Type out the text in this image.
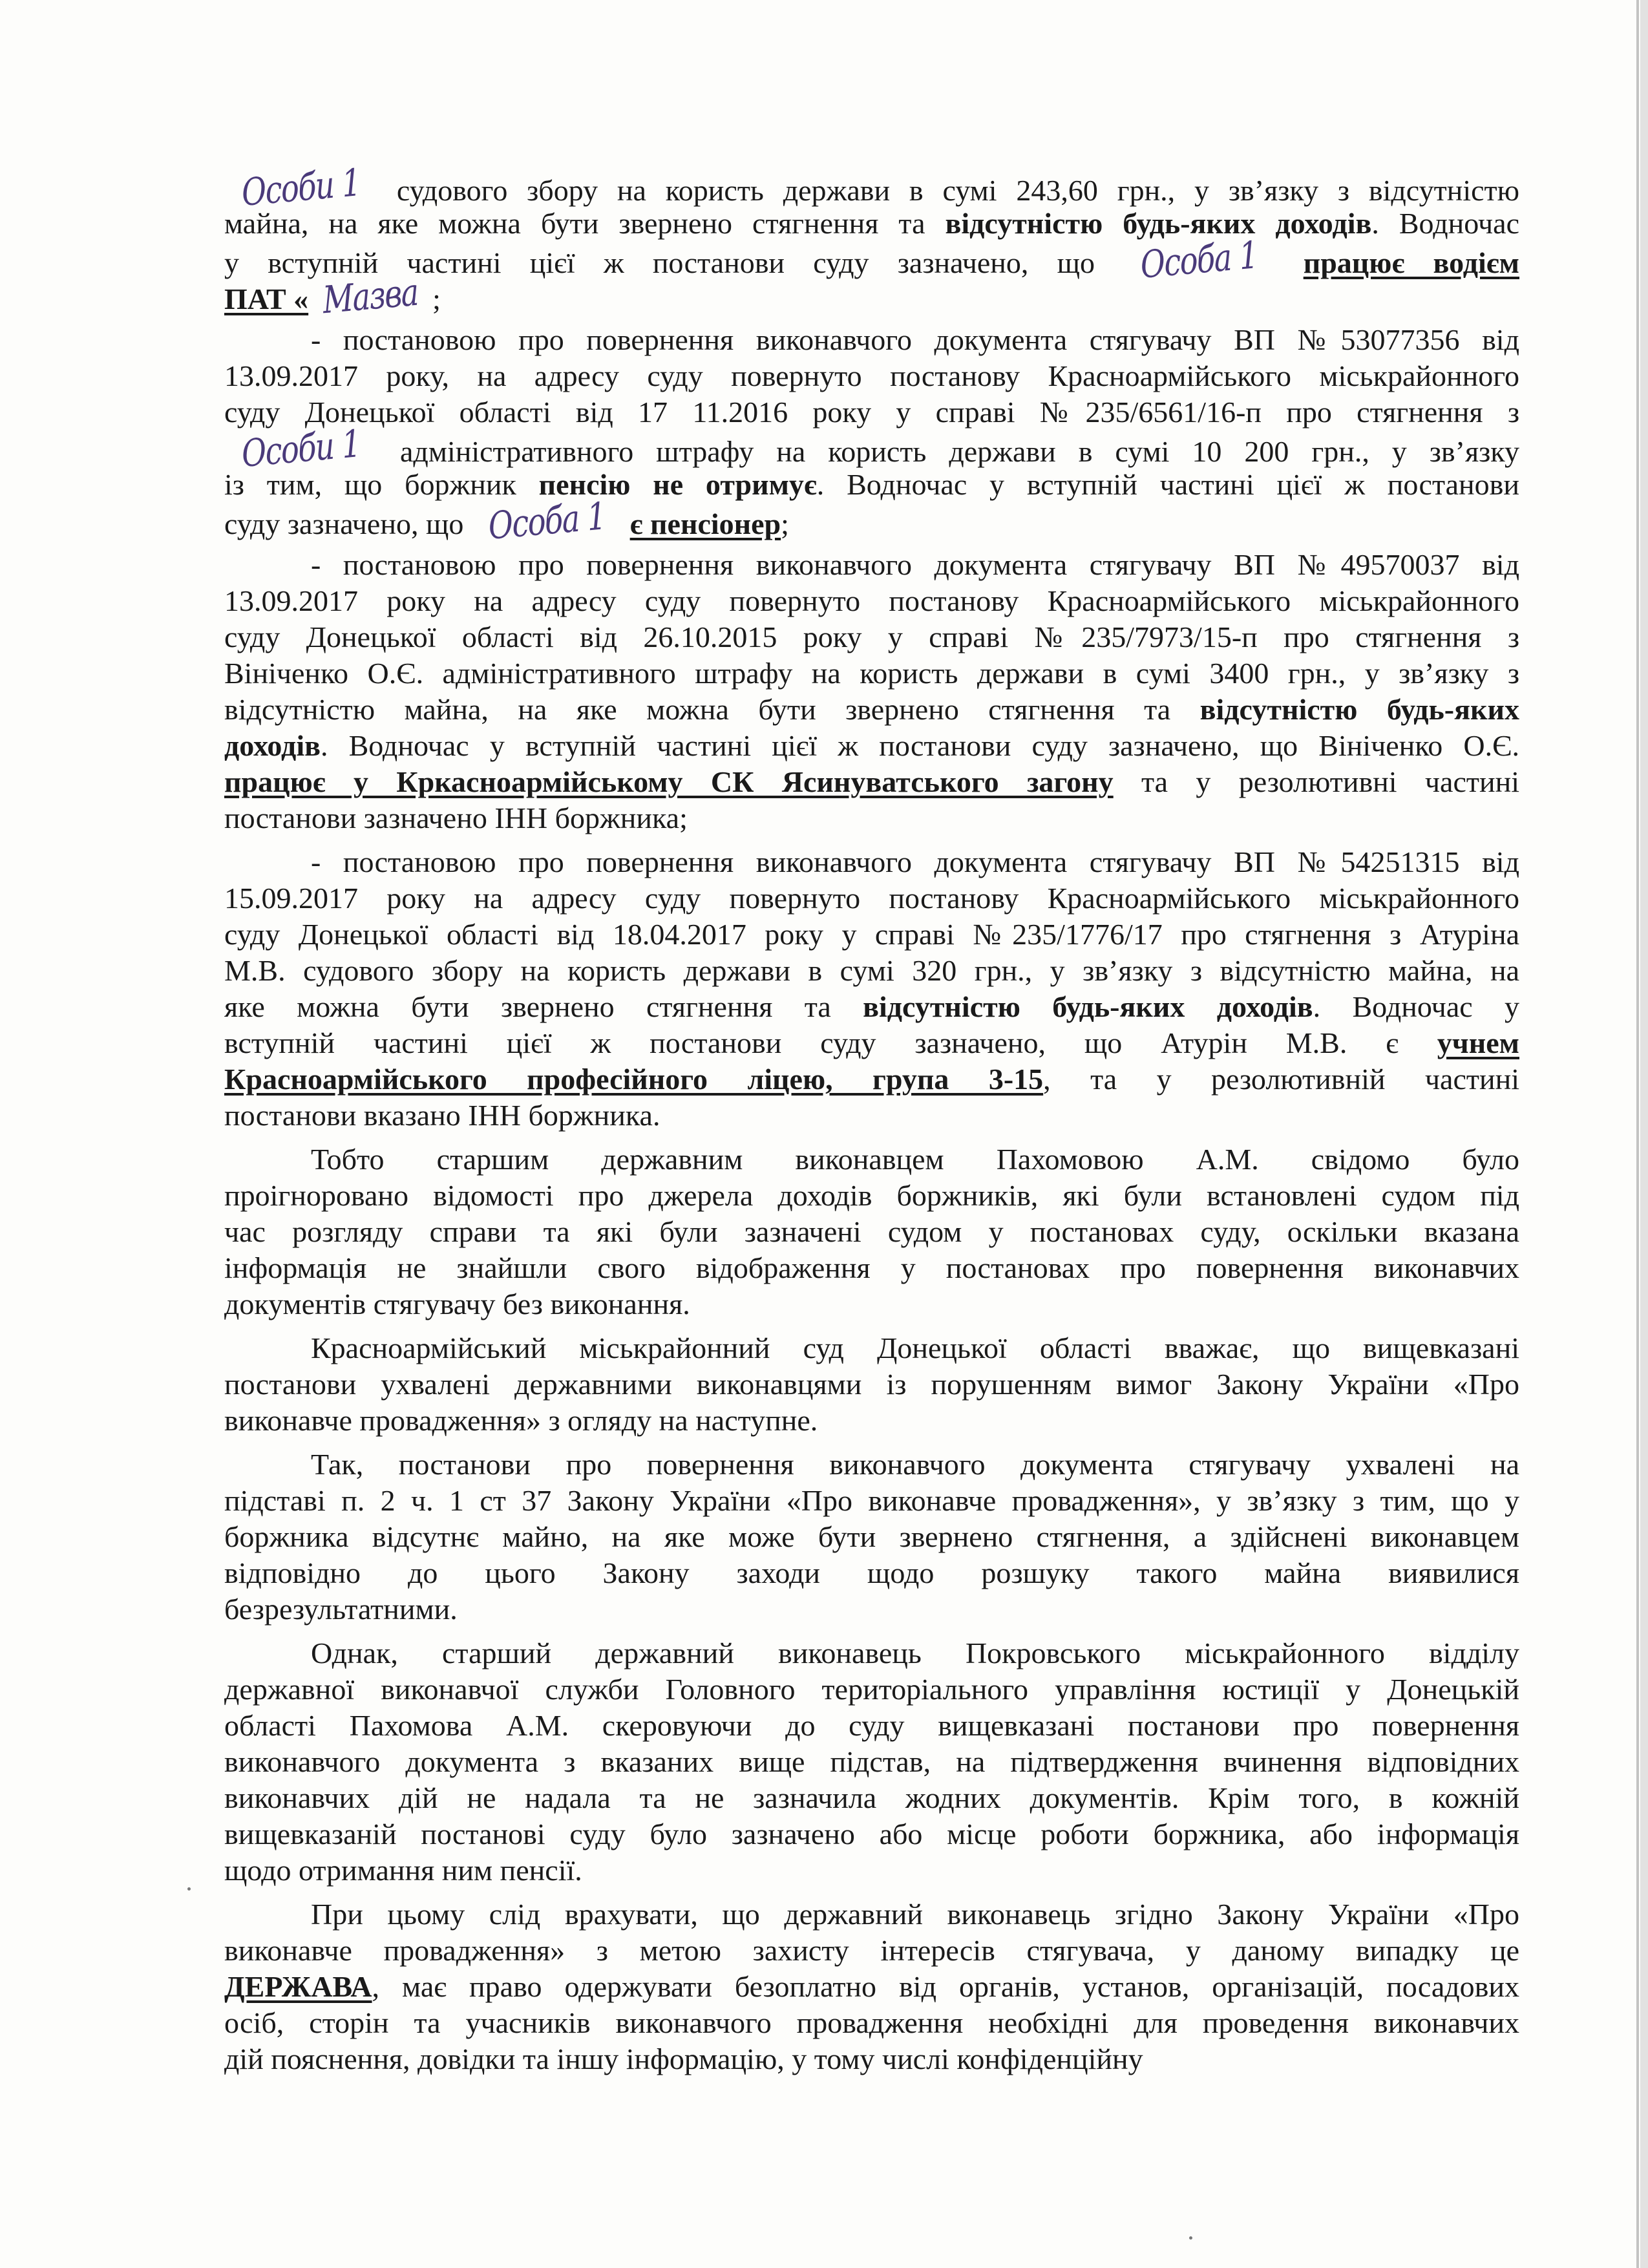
Особи 1 судового збору на користь держави в сумі 243,60 грн., у зв’язку з відсутністю
майна, на яке можна бути звернено стягнення та відсутністю будь-яких доходів. Водночас
у вступній частині цієї ж постанови суду зазначено, що Особа 1 працює водієм
ПАТ « Мазва ;
- постановою про повернення виконавчого документа стягувачу ВП №53077356 від
13.09.2017 року, на адресу суду повернуто постанову Красноармійського міськрайонного
суду Донецької області від 17 11.2016 року у справі №235/6561/16-п про стягнення з
Особи 1 адміністративного штрафу на користь держави в сумі 10 200 грн., у зв’язку
із тим, що боржник пенсію не отримує. Водночас у вступній частині цієї ж постанови
суду зазначено, що Особа 1 є пенсіонер;
- постановою про повернення виконавчого документа стягувачу ВП №49570037 від
13.09.2017 року на адресу суду повернуто постанову Красноармійського міськрайонного
суду Донецької області від 26.10.2015 року у справі №235/7973/15-п про стягнення з
Вініченко О.Є. адміністративного штрафу на користь держави в сумі 3400 грн., у зв’язку з
відсутністю майна, на яке можна бути звернено стягнення та відсутністю будь-яких
доходів. Водночас у вступній частині цієї ж постанови суду зазначено, що Вініченко О.Є.
працює у Кркасноармійському СК Ясинуватського загону та у резолютивні частині
постанови зазначено ІНН боржника;
- постановою про повернення виконавчого документа стягувачу ВП №54251315 від
15.09.2017 року на адресу суду повернуто постанову Красноармійського міськрайонного
суду Донецької області від 18.04.2017 року у справі №235/1776/17 про стягнення з Атуріна
М.В. судового збору на користь держави в сумі 320 грн., у зв’язку з відсутністю майна, на
яке можна бути звернено стягнення та відсутністю будь-яких доходів. Водночас у
вступній частині цієї ж постанови суду зазначено, що Атурін М.В. є учнем
Красноармійського професійного ліцею, група 3-15, та у резолютивній частині
постанови вказано ІНН боржника.
Тобто старшим державним виконавцем Пахомовою А.М. свідомо було
проігноровано відомості про джерела доходів боржників, які були встановлені судом під
час розгляду справи та які були зазначені судом у постановах суду, оскільки вказана
інформація не знайшли свого відображення у постановах про повернення виконавчих
документів стягувачу без виконання.
Красноармійський міськрайонний суд Донецької області вважає, що вищевказані
постанови ухвалені державними виконавцями із порушенням вимог Закону України «Про
виконавче провадження» з огляду на наступне.
Так, постанови про повернення виконавчого документа стягувачу ухвалені на
підставі п. 2 ч. 1 ст 37 Закону України «Про виконавче провадження», у зв’язку з тим, що у
боржника відсутнє майно, на яке може бути звернено стягнення, а здійснені виконавцем
відповідно до цього Закону заходи щодо розшуку такого майна виявилися
безрезультатними.
Однак, старший державний виконавець Покровського міськрайонного відділу
державної виконавчої служби Головного територіального управління юстиції у Донецькій
області Пахомова А.М. скеровуючи до суду вищевказані постанови про повернення
виконавчого документа з вказаних вище підстав, на підтвердження вчинення відповідних
виконавчих дій не надала та не зазначила жодних документів. Крім того, в кожній
вищевказаній постанові суду було зазначено або місце роботи боржника, або інформація
щодо отримання ним пенсії.
При цьому слід врахувати, що державний виконавець згідно Закону України «Про
виконавче провадження» з метою захисту інтересів стягувача, у даному випадку це
ДЕРЖАВА, має право одержувати безоплатно від органів, установ, організацій, посадових
осіб, сторін та учасників виконавчого провадження необхідні для проведення виконавчих
дій пояснення, довідки та іншу інформацію, у тому числі конфіденційну
